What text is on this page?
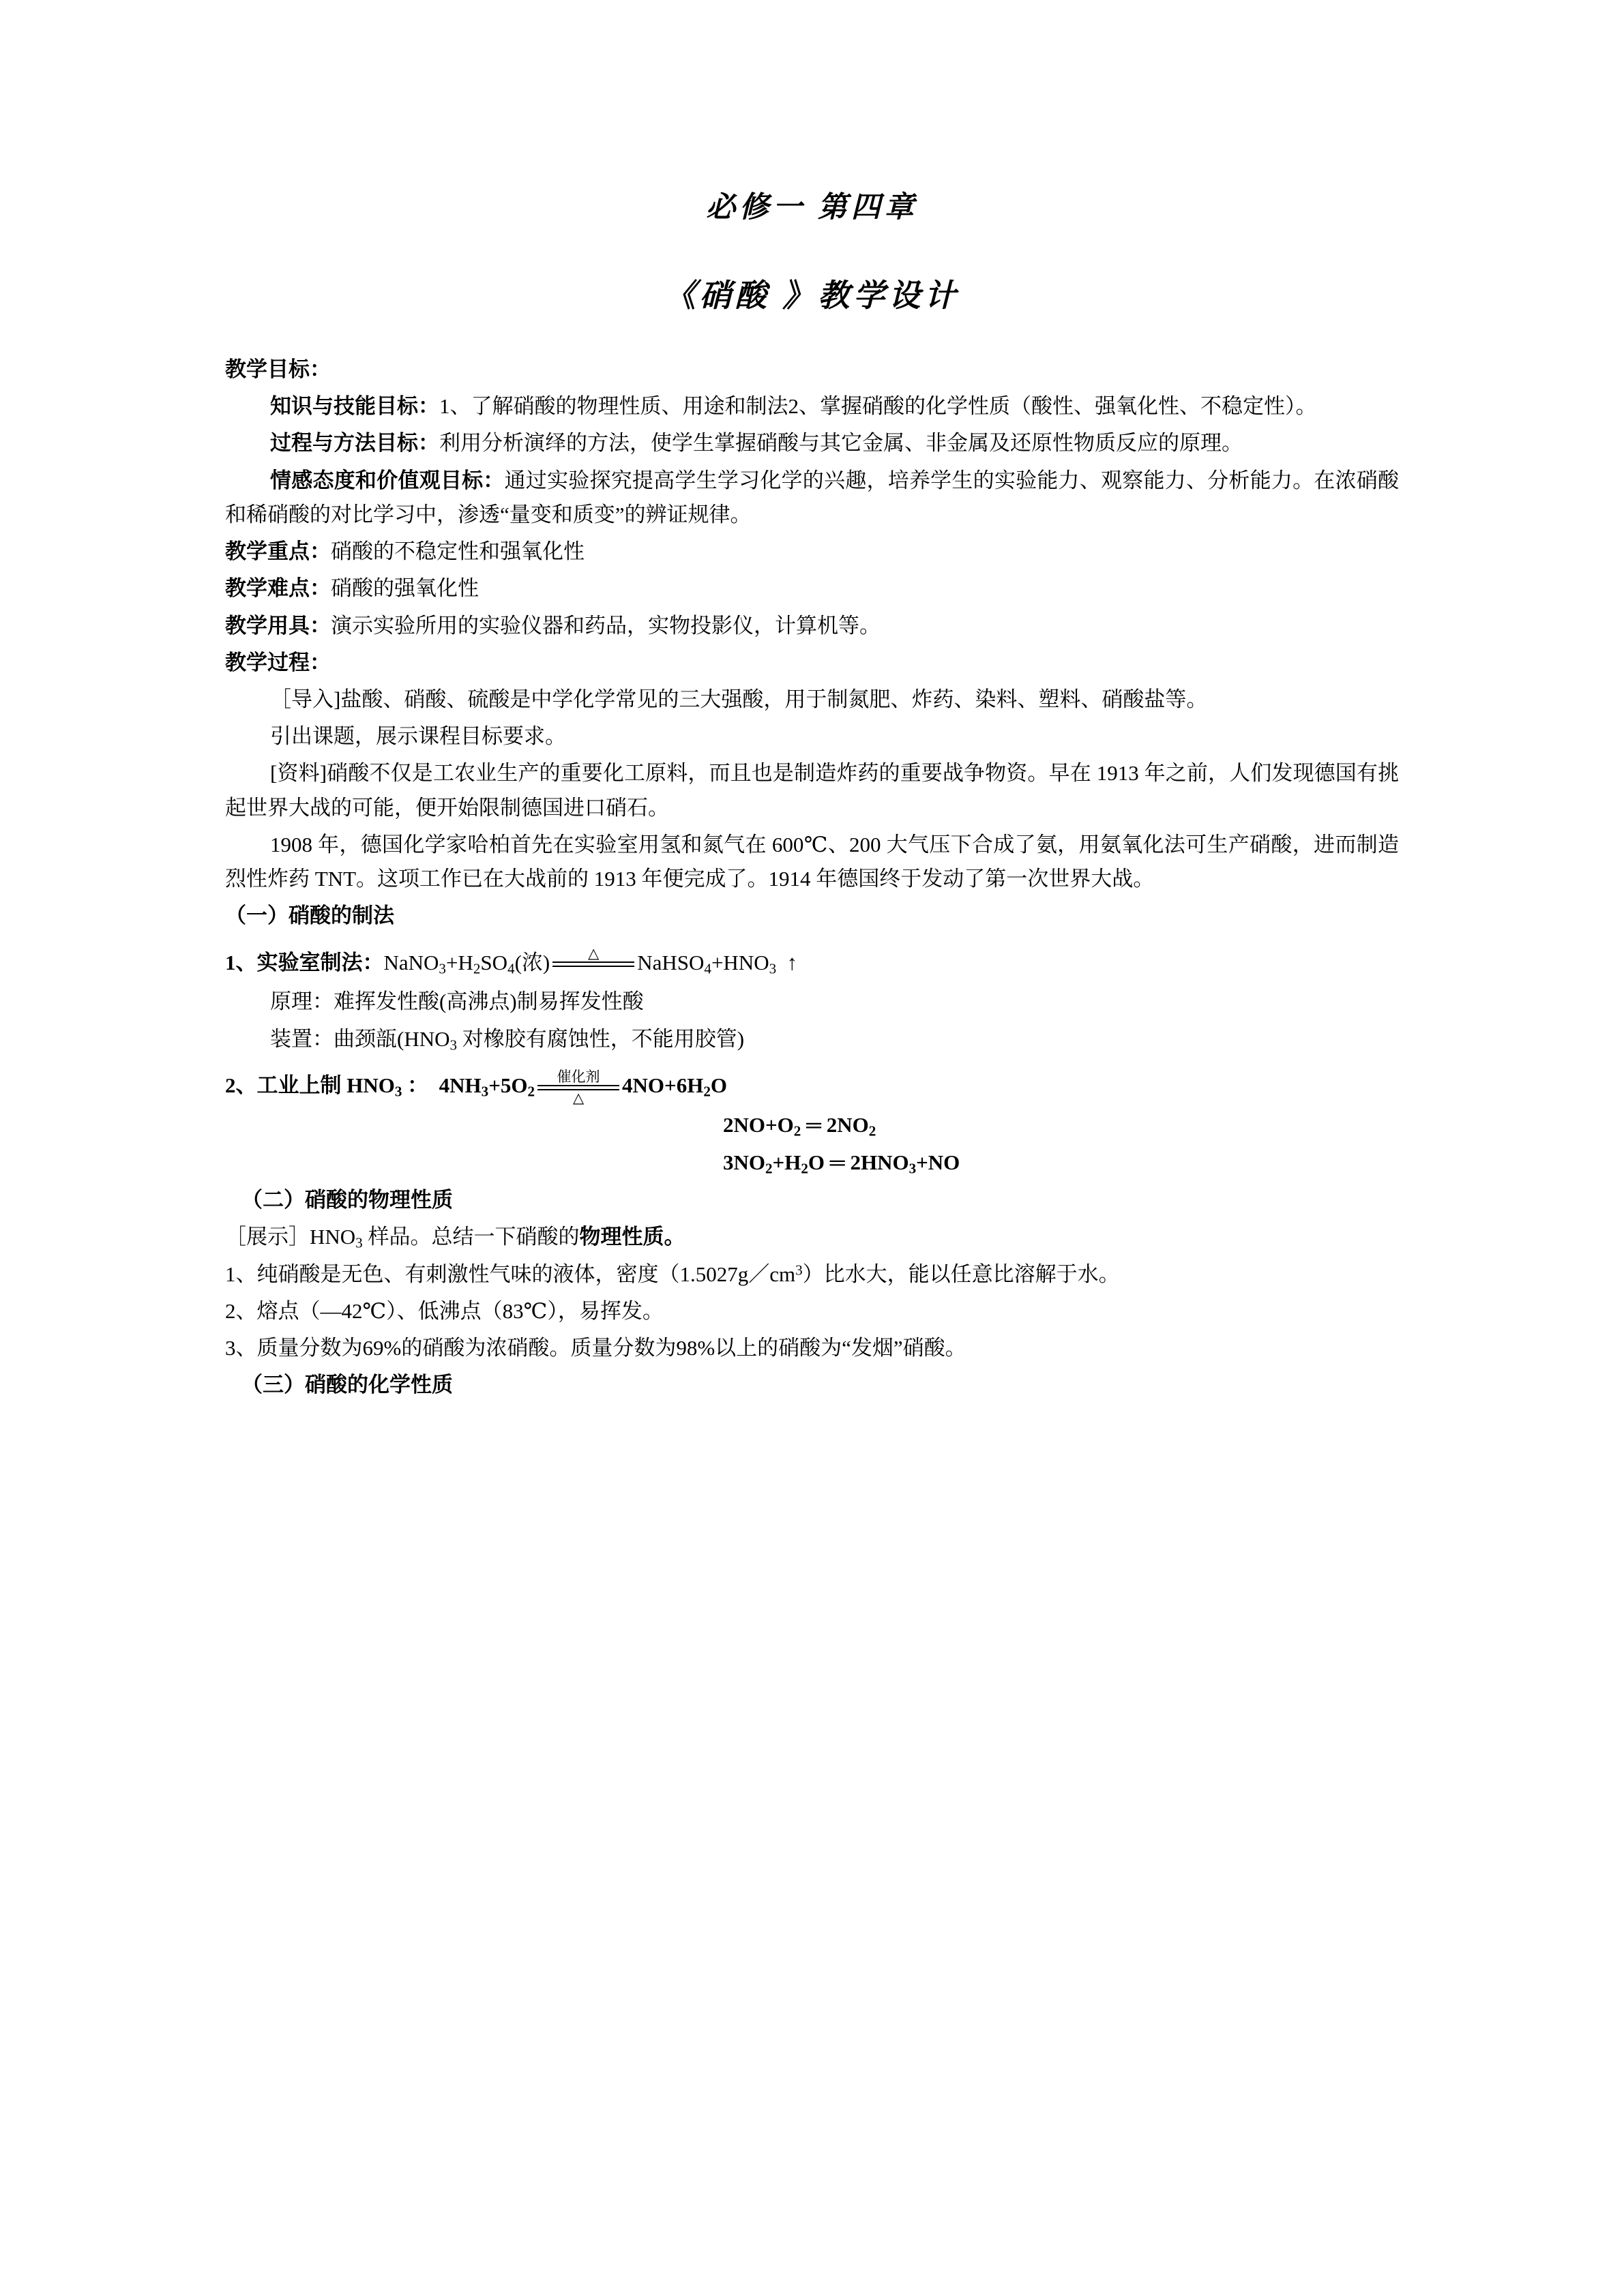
必修一 第四章
《硝酸 》教学设计

教学目标：

知识与技能目标：1、了解硝酸的物理性质、用途和制法2、掌握硝酸的化学性质（酸性、强氧化性、不稳定性）。

过程与方法目标：利用分析演绎的方法，使学生掌握硝酸与其它金属、非金属及还原性物质反应的原理。

情感态度和价值观目标：通过实验探究提高学生学习化学的兴趣，培养学生的实验能力、观察能力、分析能力。在浓硝酸和稀硝酸的对比学习中，渗透“量变和质变”的辨证规律。

教学重点：硝酸的不稳定性和强氧化性

教学难点：硝酸的强氧化性

教学用具：演示实验所用的实验仪器和药品，实物投影仪，计算机等。

教学过程：

［导入]盐酸、硝酸、硫酸是中学化学常见的三大强酸，用于制氮肥、炸药、染料、塑料、硝酸盐等。

引出课题，展示课程目标要求。

[资料]硝酸不仅是工农业生产的重要化工原料，而且也是制造炸药的重要战争物资。早在 1913 年之前，人们发现德国有挑起世界大战的可能，便开始限制德国进口硝石。

1908 年，德国化学家哈柏首先在实验室用氢和氮气在 600℃、200 大气压下合成了氨，用氨氧化法可生产硝酸，进而制造烈性炸药 TNT。这项工作已在大战前的 1913 年便完成了。1914 年德国终于发动了第一次世界大战。

（一）硝酸的制法

1、实验室制法：$NaNO_3+H_2SO_4$(浓)	△	$NaHSO_4+HNO_3$  ↑

原理：难挥发性酸(高沸点)制易挥发性酸

装置：曲颈瓿($HNO_3$ 对橡胶有腐蚀性，不能用胶管)

2、工业上制 $HNO_3$ ：  $4NH_3+5O_2$
催化剂
△
$4NO+6H_2O$

$2NO+O_2$ ═ $2NO_2$

$3NO_2+H_2O$ ═ $2HNO_3+NO$

（二）硝酸的物理性质

［展示$]HNO_3$ 样品。总结一下硝酸的物理性质。

1、纯硝酸是无色、有刺激性气味的液体，密度$(1.5027g/cm^3)$比水大，能以任意比溶解于水。

2、熔点（—42℃）、低沸点（83℃），易挥发。

3、质量分数为69%的硝酸为浓硝酸。质量分数为98%以上的硝酸为“发烟”硝酸。

（三）硝酸的化学性质
